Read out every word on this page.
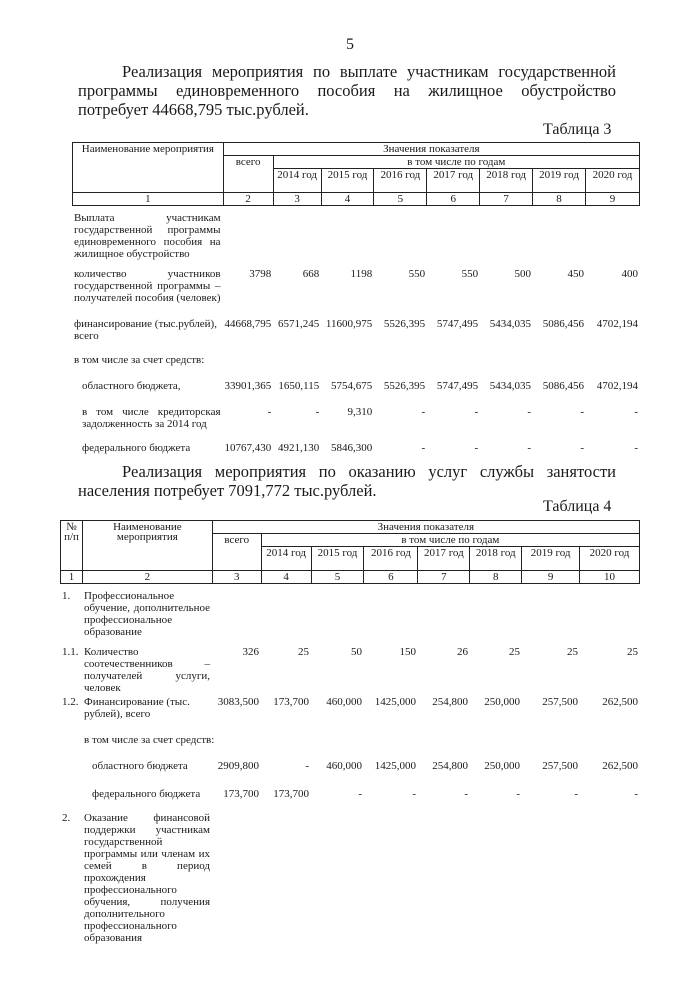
5
Реализация мероприятия по выплате участникам государственной программы единовременного пособия на жилищное обустройство потребует 44668,795 тыс.рублей.
Таблица 3
Наименование мероприятия	Значения показателя							
	всего	в том числе по годам						
		2014 год	2015 год	2016 год	2017 год	2018 год	2019 год	2020 год
1	2	3	4	5	6	7	8	9
Выплата участникам государственной программы единовременного пособия на жилищное обустройство								
количество участников государственной программы – получателей пособия (человек)	3798	668	1198	550	550	500	450	400
финансирование (тыс.рублей), всего	44668,795	6571,245	11600,975	5526,395	5747,495	5434,035	5086,456	4702,194
в том числе за счет средств:								
областного бюджета,	33901,365	1650,115	5754,675	5526,395	5747,495	5434,035	5086,456	4702,194
в том числе кредиторская задолженность за 2014 год	-	-	9,310	-	-	-	-	-
федерального бюджета	10767,430	4921,130	5846,300	-	-	-	-	-
Реализация мероприятия по оказанию услуг службы занятости населения потребует 7091,772 тыс.рублей.
Таблица 4
№ п/п	Наименование мероприятия	Значения показателя							
		всего	в том числе по годам						
			2014 год	2015 год	2016 год	2017 год	2018 год	2019 год	2020 год
1	2	3	4	5	6	7	8	9	10
1.	Профессиональное обучение, дополнительное профессиональное образование								
1.1.	Количество соотечественников – получателей услуги, человек	326	25	50	150	26	25	25	25
1.2.	Финансирование (тыс. рублей), всего	3083,500	173,700	460,000	1425,000	254,800	250,000	257,500	262,500
	в том числе за счет средств:								
	областного бюджета	2909,800	-	460,000	1425,000	254,800	250,000	257,500	262,500
	федерального бюджета	173,700	173,700	-	-	-	-	-	-
2.	Оказание финансовой поддержки участникам государственной программы или членам их семей в период прохождения профессионального обучения, получения дополнительного профессионального образования								
